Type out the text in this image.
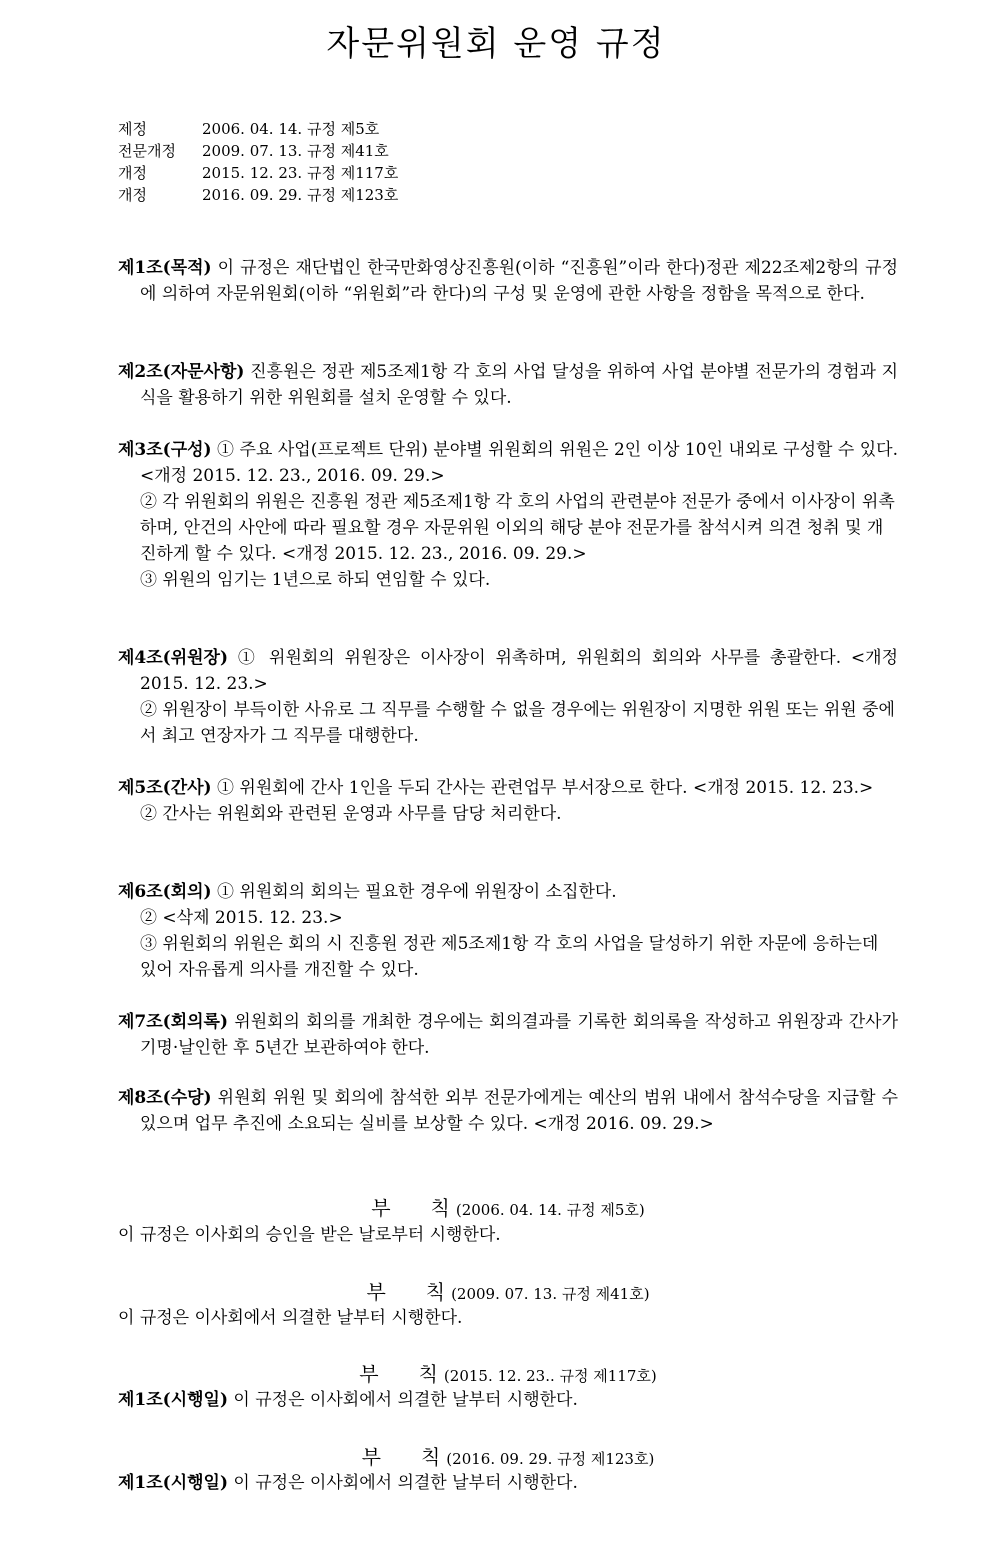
자문위원회 운영 규정
제정	2006. 04. 14. 규정 제5호
전문개정	2009. 07. 13. 규정 제41호
개정	2015. 12. 23. 규정 제117호
개정	2016. 09. 29. 규정 제123호
제1조(목적) 이 규정은 재단법인 한국만화영상진흥원(이하 “진흥원”이라 한다)정관 제22조제2항의 규정에 의하여 자문위원회(이하 “위원회”라 한다)의 구성 및 운영에 관한 사항을 정함을 목적으로 한다.
제2조(자문사항) 진흥원은 정관 제5조제1항 각 호의 사업 달성을 위하여 사업 분야별 전문가의 경험과 지식을 활용하기 위한 위원회를 설치 운영할 수 있다.
제3조(구성) ① 주요 사업(프로젝트 단위) 분야별 위원회의 위원은 2인 이상 10인 내외로 구성할 수 있다. <개정 2015. 12. 23., 2016. 09. 29.>
② 각 위원회의 위원은 진흥원 정관 제5조제1항 각 호의 사업의 관련분야 전문가 중에서 이사장이 위촉하며, 안건의 사안에 따라 필요할 경우 자문위원 이외의 해당 분야 전문가를 참석시켜 의견 청취 및 개진하게 할 수 있다. <개정 2015. 12. 23., 2016. 09. 29.>
③ 위원의 임기는 1년으로 하되 연임할 수 있다.
제4조(위원장) ① 위원회의 위원장은 이사장이 위촉하며, 위원회의 회의와 사무를 총괄한다. <개정 2015. 12. 23.>
② 위원장이 부득이한 사유로 그 직무를 수행할 수 없을 경우에는 위원장이 지명한 위원 또는 위원 중에서 최고 연장자가 그 직무를 대행한다.
제5조(간사) ① 위원회에 간사 1인을 두되 간사는 관련업무 부서장으로 한다. <개정 2015. 12. 23.>
② 간사는 위원회와 관련된 운영과 사무를 담당 처리한다.
제6조(회의) ① 위원회의 회의는 필요한 경우에 위원장이 소집한다.
② <삭제 2015. 12. 23.>
③ 위원회의 위원은 회의 시 진흥원 정관 제5조제1항 각 호의 사업을 달성하기 위한 자문에 응하는데 있어 자유롭게 의사를 개진할 수 있다.
제7조(회의록) 위원회의 회의를 개최한 경우에는 회의결과를 기록한 회의록을 작성하고 위원장과 간사가 기명·날인한 후 5년간 보관하여야 한다.
제8조(수당) 위원회 위원 및 회의에 참석한 외부 전문가에게는 예산의 범위 내에서 참석수당을 지급할 수 있으며 업무 추진에 소요되는 실비를 보상할 수 있다. <개정 2016. 09. 29.>
부　　칙 (2006. 04. 14. 규정 제5호)
이 규정은 이사회의 승인을 받은 날로부터 시행한다.
부　　칙 (2009. 07. 13. 규정 제41호)
이 규정은 이사회에서 의결한 날부터 시행한다.
부　　칙 (2015. 12. 23.. 규정 제117호)
제1조(시행일) 이 규정은 이사회에서 의결한 날부터 시행한다.
부　　칙 (2016. 09. 29. 규정 제123호)
제1조(시행일) 이 규정은 이사회에서 의결한 날부터 시행한다.
